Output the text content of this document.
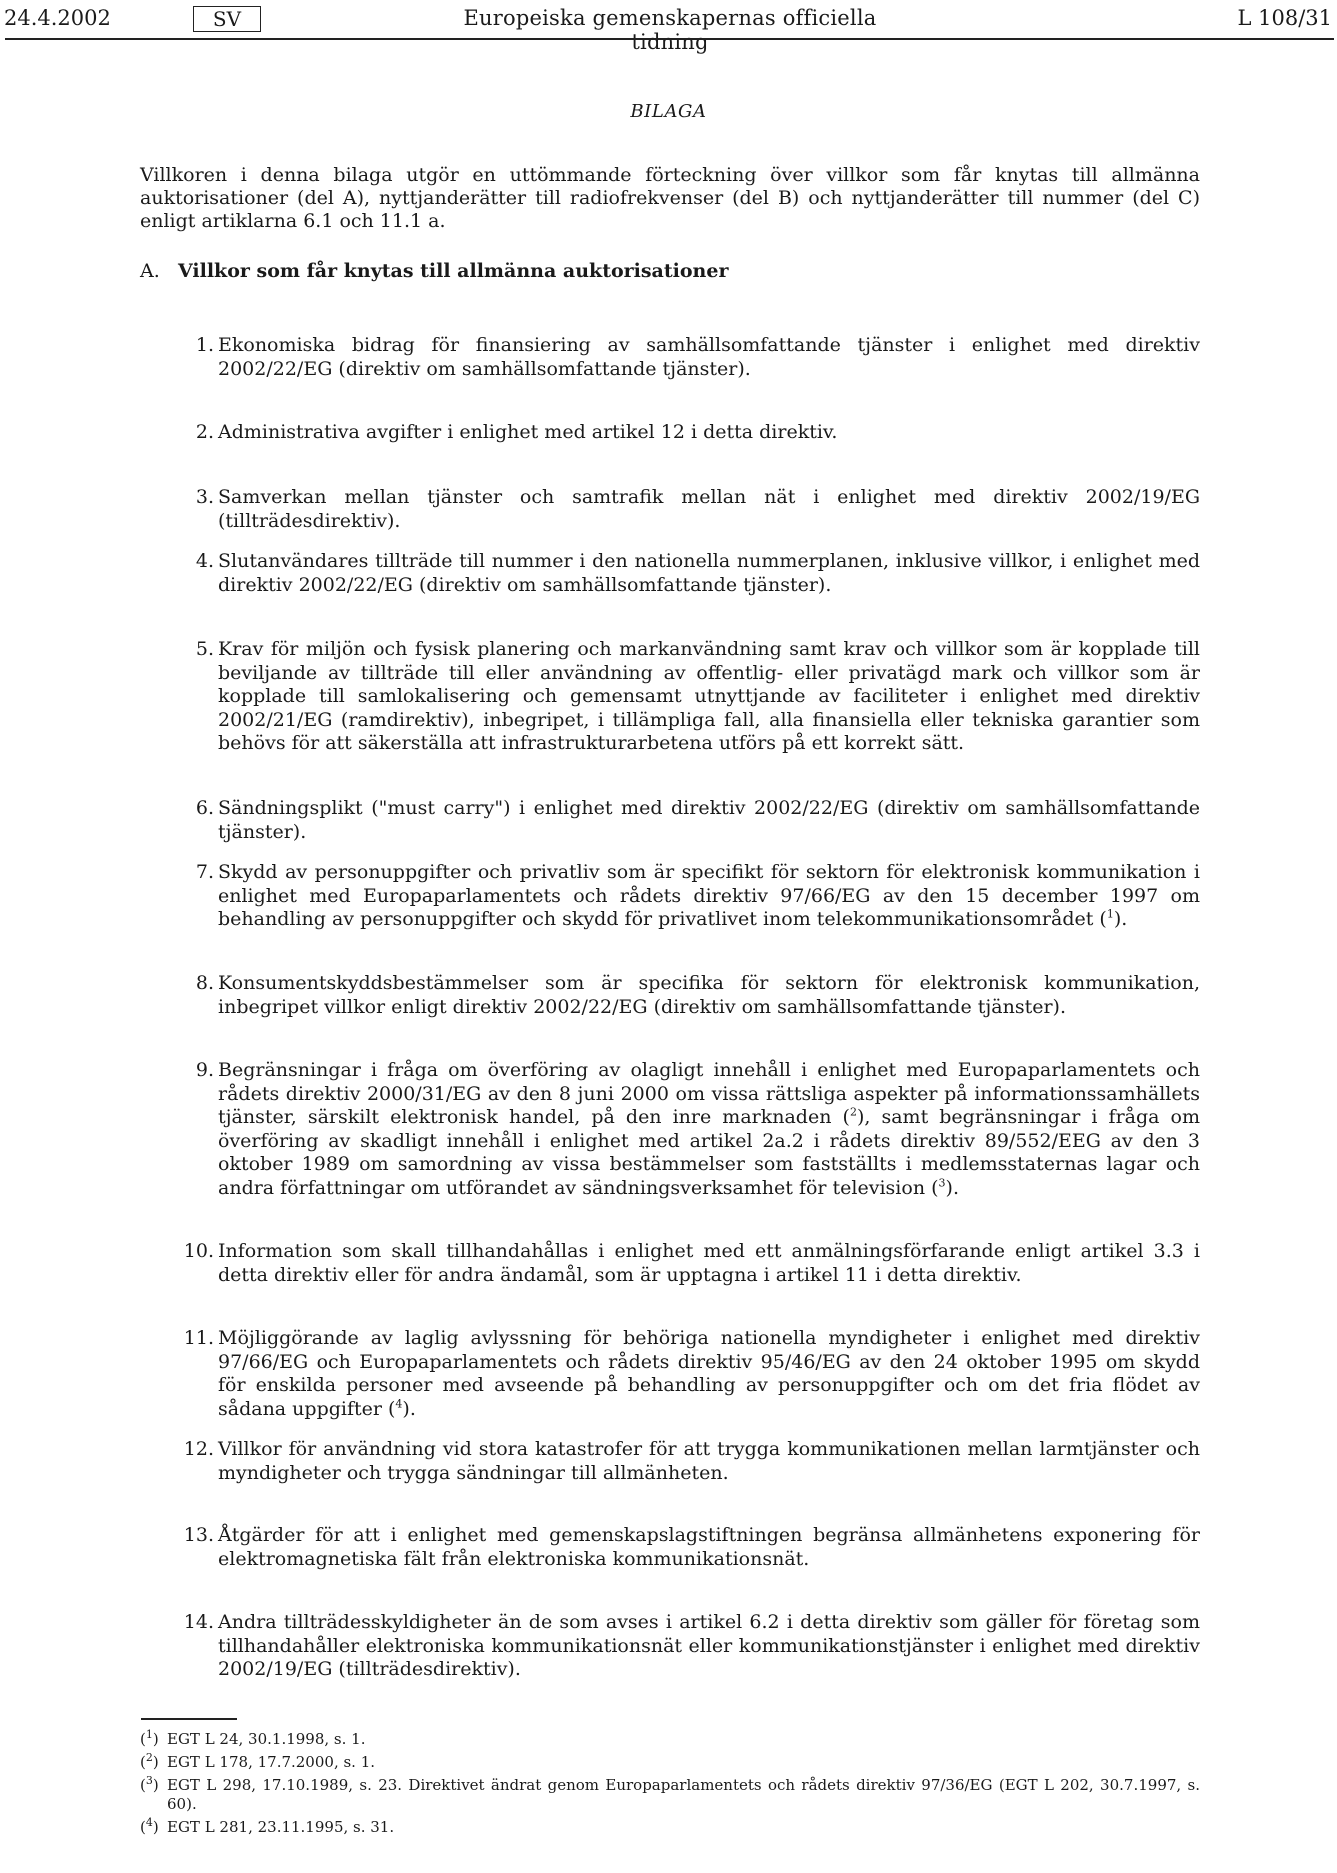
24.4.2002	SV	Europeiska gemenskapernas officiella tidning
L 108/31
BILAGA
Villkoren i denna bilaga utgör en uttömmande förteckning över villkor som får knytas till allmänna auktorisationer (del A), nyttjanderätter till radiofrekvenser (del B) och nyttjanderätter till nummer (del C) enligt artiklarna 6.1 och 11.1 a.
A. Villkor som får knytas till allmänna auktorisationer
1. Ekonomiska bidrag för finansiering av samhällsomfattande tjänster i enlighet med direktiv 2002/22/EG (direktiv om samhällsomfattande tjänster).
2. Administrativa avgifter i enlighet med artikel 12 i detta direktiv.
3. Samverkan mellan tjänster och samtrafik mellan nät i enlighet med direktiv 2002/19/EG (tillträdesdirektiv).
4. Slutanvändares tillträde till nummer i den nationella nummerplanen, inklusive villkor, i enlighet med direktiv 2002/22/EG (direktiv om samhällsomfattande tjänster).
5. Krav för miljön och fysisk planering och markanvändning samt krav och villkor som är kopplade till beviljande av tillträde till eller användning av offentlig- eller privatägd mark och villkor som är kopplade till samlokalisering och gemensamt utnyttjande av faciliteter i enlighet med direktiv 2002/21/EG (ramdirektiv), inbegripet, i tillämpliga fall, alla finansiella eller tekniska garantier som behövs för att säkerställa att infrastrukturarbetena utförs på ett korrekt sätt.
6. Sändningsplikt ("must carry") i enlighet med direktiv 2002/22/EG (direktiv om samhällsomfattande tjänster).
7. Skydd av personuppgifter och privatliv som är specifikt för sektorn för elektronisk kommunikation i enlighet med Europaparlamentets och rådets direktiv 97/66/EG av den 15 december 1997 om behandling av personuppgifter och skydd för privatlivet inom telekommunikationsområdet ($^1$).
8. Konsumentskyddsbestämmelser som är specifika för sektorn för elektronisk kommunikation, inbegripet villkor enligt direktiv 2002/22/EG (direktiv om samhällsomfattande tjänster).
9. Begränsningar i fråga om överföring av olagligt innehåll i enlighet med Europaparlamentets och rådets direktiv 2000/31/EG av den 8 juni 2000 om vissa rättsliga aspekter på informationssamhällets tjänster, särskilt elektronisk handel, på den inre marknaden ($^2$), samt begränsningar i fråga om överföring av skadligt innehåll i enlighet med artikel 2a.2 i rådets direktiv 89/552/EEG av den 3 oktober 1989 om samordning av vissa bestämmelser som fastställts i medlemsstaternas lagar och andra författningar om utförandet av sändningsverksamhet för television ($^3$).
10. Information som skall tillhandahållas i enlighet med ett anmälningsförfarande enligt artikel 3.3 i detta direktiv eller för andra ändamål, som är upptagna i artikel 11 i detta direktiv.
11. Möjliggörande av laglig avlyssning för behöriga nationella myndigheter i enlighet med direktiv 97/66/EG och Europaparlamentets och rådets direktiv 95/46/EG av den 24 oktober 1995 om skydd för enskilda personer med avseende på behandling av personuppgifter och om det fria flödet av sådana uppgifter ($^4$).
12. Villkor för användning vid stora katastrofer för att trygga kommunikationen mellan larmtjänster och myndigheter och trygga sändningar till allmänheten.
13. Åtgärder för att i enlighet med gemenskapslagstiftningen begränsa allmänhetens exponering för elektromagnetiska fält från elektroniska kommunikationsnät.
14. Andra tillträdesskyldigheter än de som avses i artikel 6.2 i detta direktiv som gäller för företag som tillhandahåller elektroniska kommunikationsnät eller kommunikationstjänster i enlighet med direktiv 2002/19/EG (tillträdesdirektiv).
($^1$) EGT L 24, 30.1.1998, s. 1.
($^2$) EGT L 178, 17.7.2000, s. 1.
($^3$) EGT L 298, 17.10.1989, s. 23. Direktivet ändrat genom Europaparlamentets och rådets direktiv 97/36/EG (EGT L 202, 30.7.1997, s. 60).
($^4$) EGT L 281, 23.11.1995, s. 31.
